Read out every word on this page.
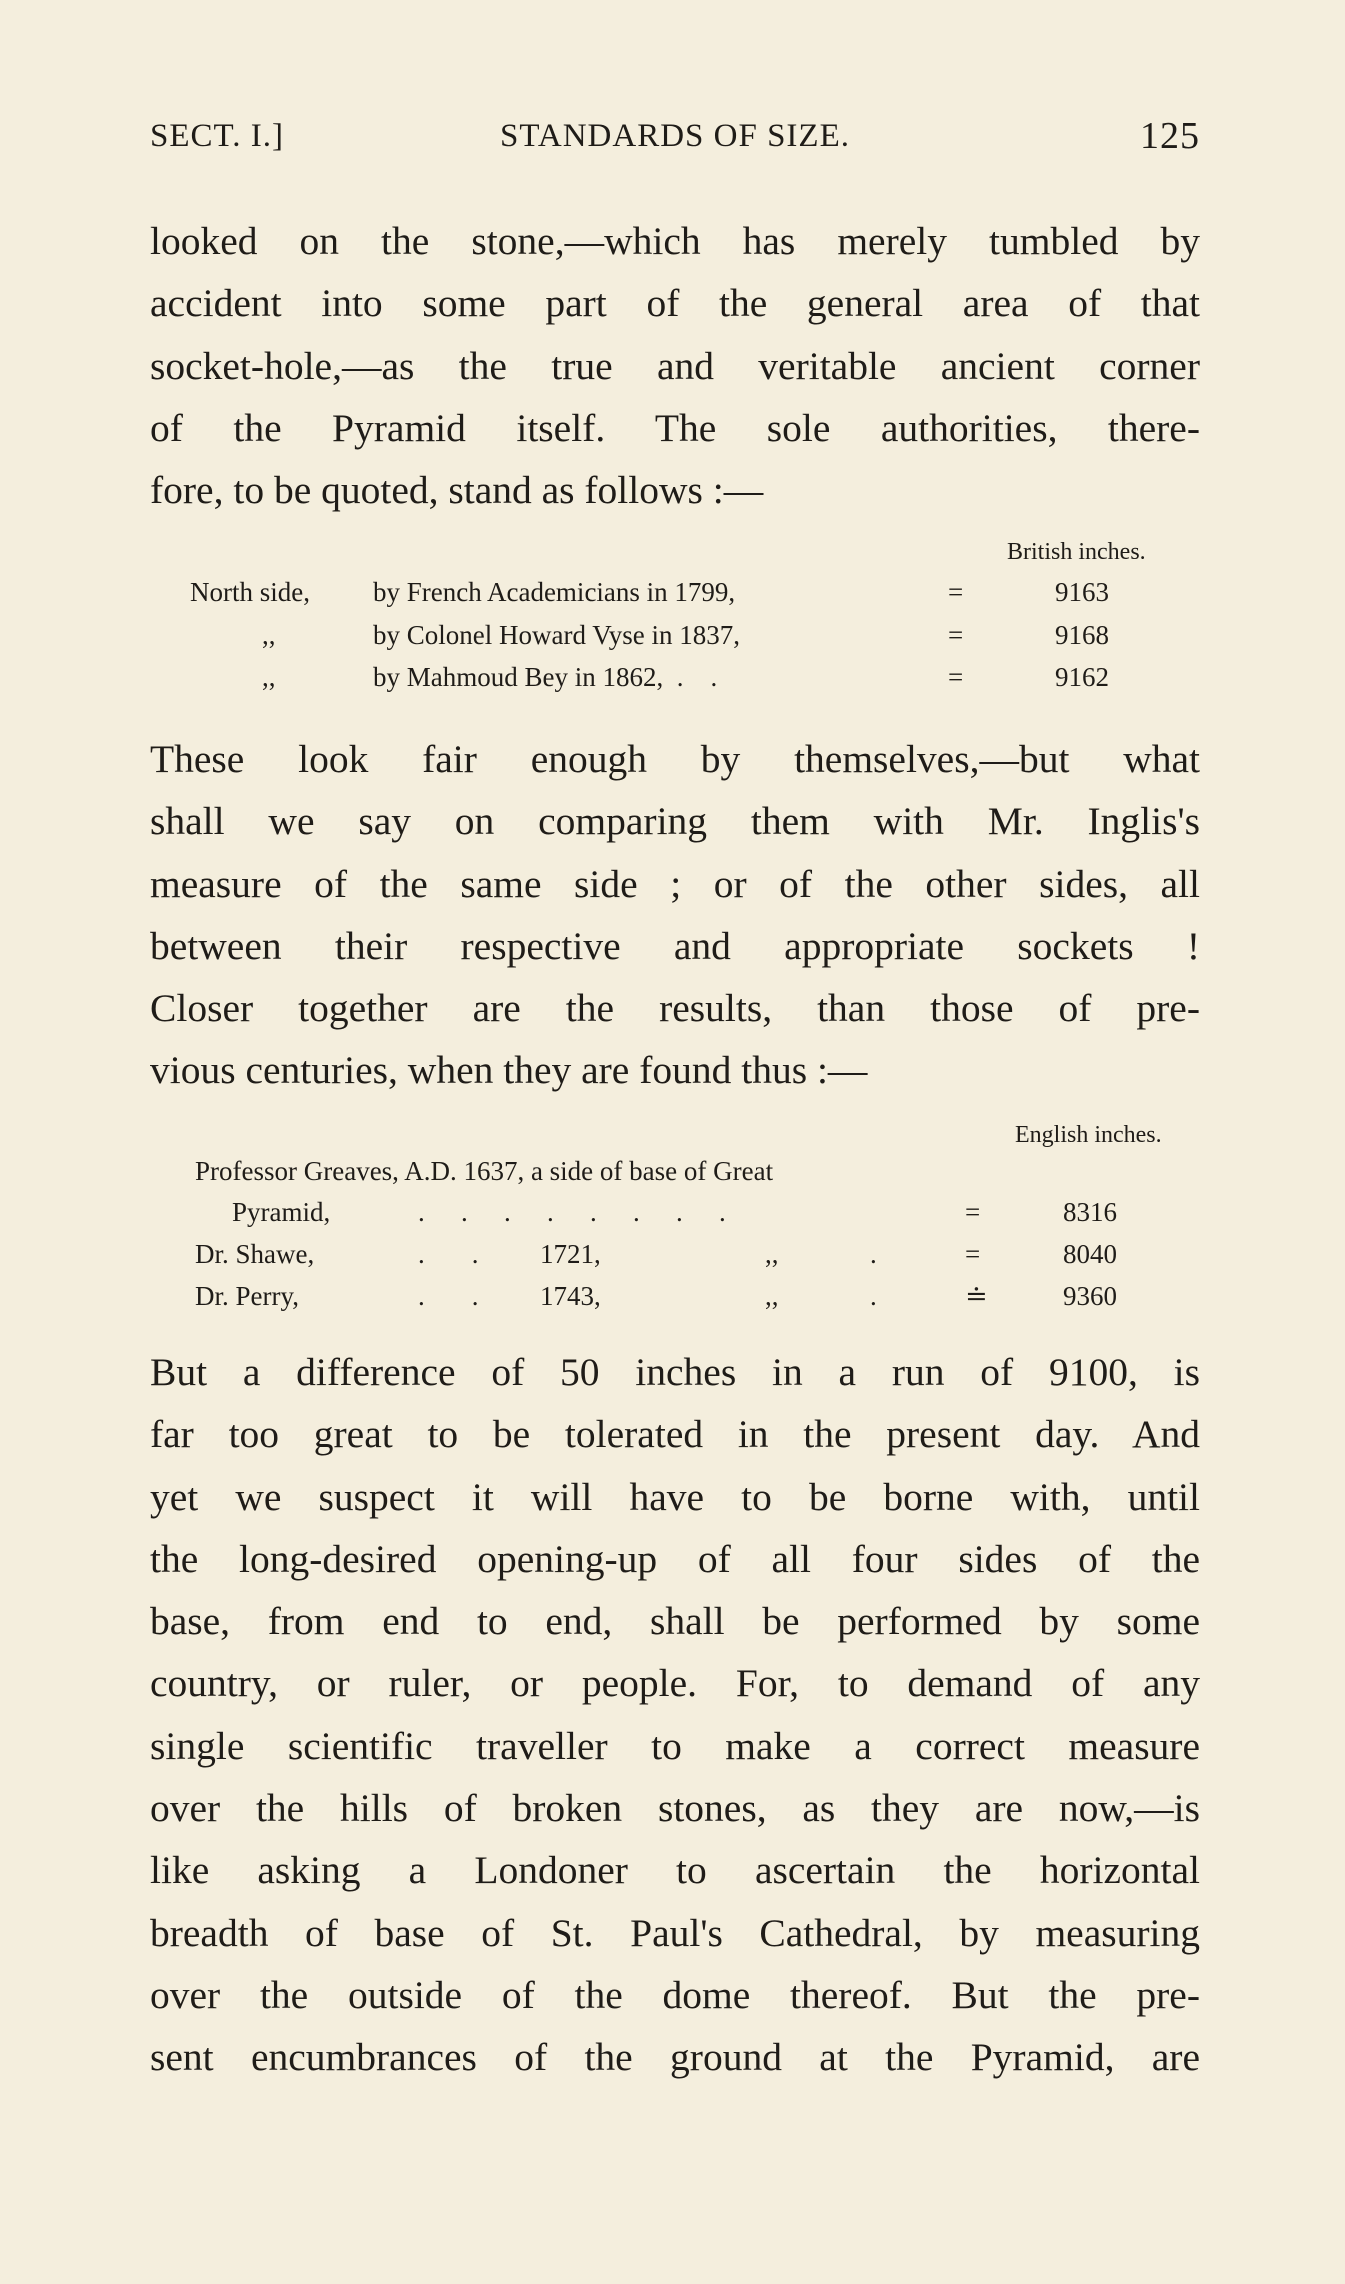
SECT. I.]	STANDARDS OF SIZE.	125
looked on the stone,—which has merely tumbled by
accident into some part of the general area of that
socket-hole,—as the true and veritable ancient corner
of the Pyramid itself. The sole authorities, there-
fore, to be quoted, stand as follows :—
British inches.
North side, by French Academicians in 1799,	=	9163
,,	by Colonel Howard Vyse in 1837,	=	9168
,,	by Mahmoud Bey in 1862,  .    .	=	9162
These look fair enough by themselves,—but what
shall we say on comparing them with Mr. Inglis's
measure of the same side ; or of the other sides, all
between their respective and appropriate sockets !
Closer together are the results, than those of pre-
vious centuries, when they are found thus :—
English inches.
Professor Greaves, A.D. 1637, a side of base of Great
Pyramid,	.   .   .   .   .   .   .   .	=	8316
Dr. Shawe,	.    . 1721,	,,	.	=	8040
Dr. Perry,	.    . 1743,	,,	.	≐	9360
But a difference of 50 inches in a run of 9100, is
far too great to be tolerated in the present day. And
yet we suspect it will have to be borne with, until
the long-desired opening-up of all four sides of the
base, from end to end, shall be performed by some
country, or ruler, or people. For, to demand of any
single scientific traveller to make a correct measure
over the hills of broken stones, as they are now,—is
like asking a Londoner to ascertain the horizontal
breadth of base of St. Paul's Cathedral, by measuring
over the outside of the dome thereof. But the pre-
sent encumbrances of the ground at the Pyramid, are
